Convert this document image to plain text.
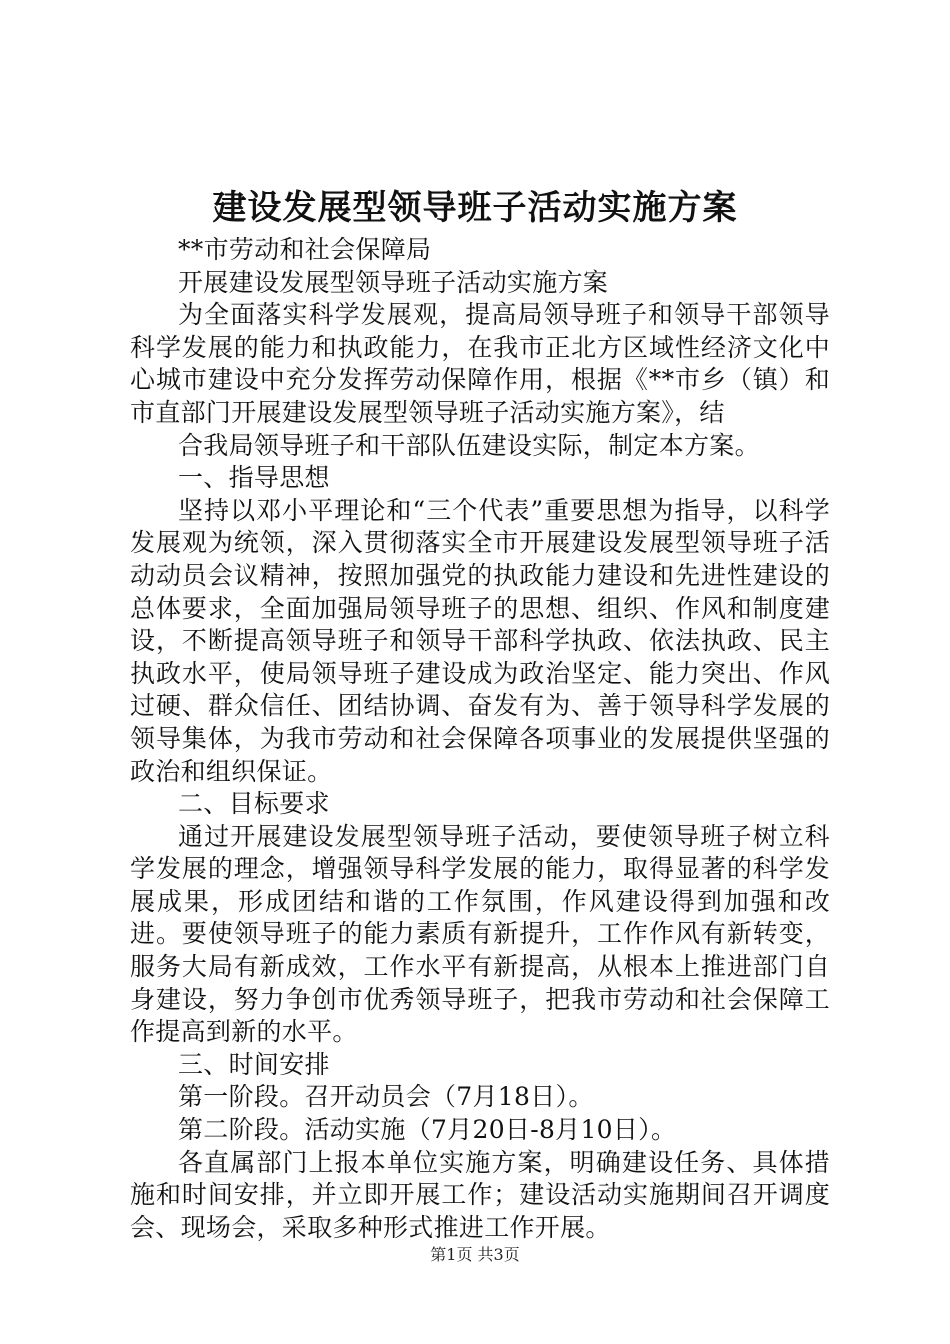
建设发展型领导班子活动实施方案

**市劳动和社会保障局

开展建设发展型领导班子活动实施方案

为全面落实科学发展观，提高局领导班子和领导干部领导科学发展的能力和执政能力，在我市正北方区域性经济文化中心城市建设中充分发挥劳动保障作用，根据《**市乡（镇）和市直部门开展建设发展型领导班子活动实施方案》，结

合我局领导班子和干部队伍建设实际，制定本方案。

一、指导思想

坚持以邓小平理论和“三个代表”重要思想为指导，以科学发展观为统领，深入贯彻落实全市开展建设发展型领导班子活动动员会议精神，按照加强党的执政能力建设和先进性建设的总体要求，全面加强局领导班子的思想、组织、作风和制度建设，不断提高领导班子和领导干部科学执政、依法执政、民主执政水平，使局领导班子建设成为政治坚定、能力突出、作风过硬、群众信任、团结协调、奋发有为、善于领导科学发展的领导集体，为我市劳动和社会保障各项事业的发展提供坚强的政治和组织保证。

二、目标要求

通过开展建设发展型领导班子活动，要使领导班子树立科学发展的理念，增强领导科学发展的能力，取得显著的科学发展成果，形成团结和谐的工作氛围，作风建设得到加强和改进。要使领导班子的能力素质有新提升，工作作风有新转变，服务大局有新成效，工作水平有新提高，从根本上推进部门自身建设，努力争创市优秀领导班子，把我市劳动和社会保障工作提高到新的水平。

三、时间安排

第一阶段。召开动员会（7月18日）。

第二阶段。活动实施（7月20日-8月10日）。

各直属部门上报本单位实施方案，明确建设任务、具体措施和时间安排，并立即开展工作；建设活动实施期间召开调度会、现场会，采取多种形式推进工作开展。

第1页 共3页
